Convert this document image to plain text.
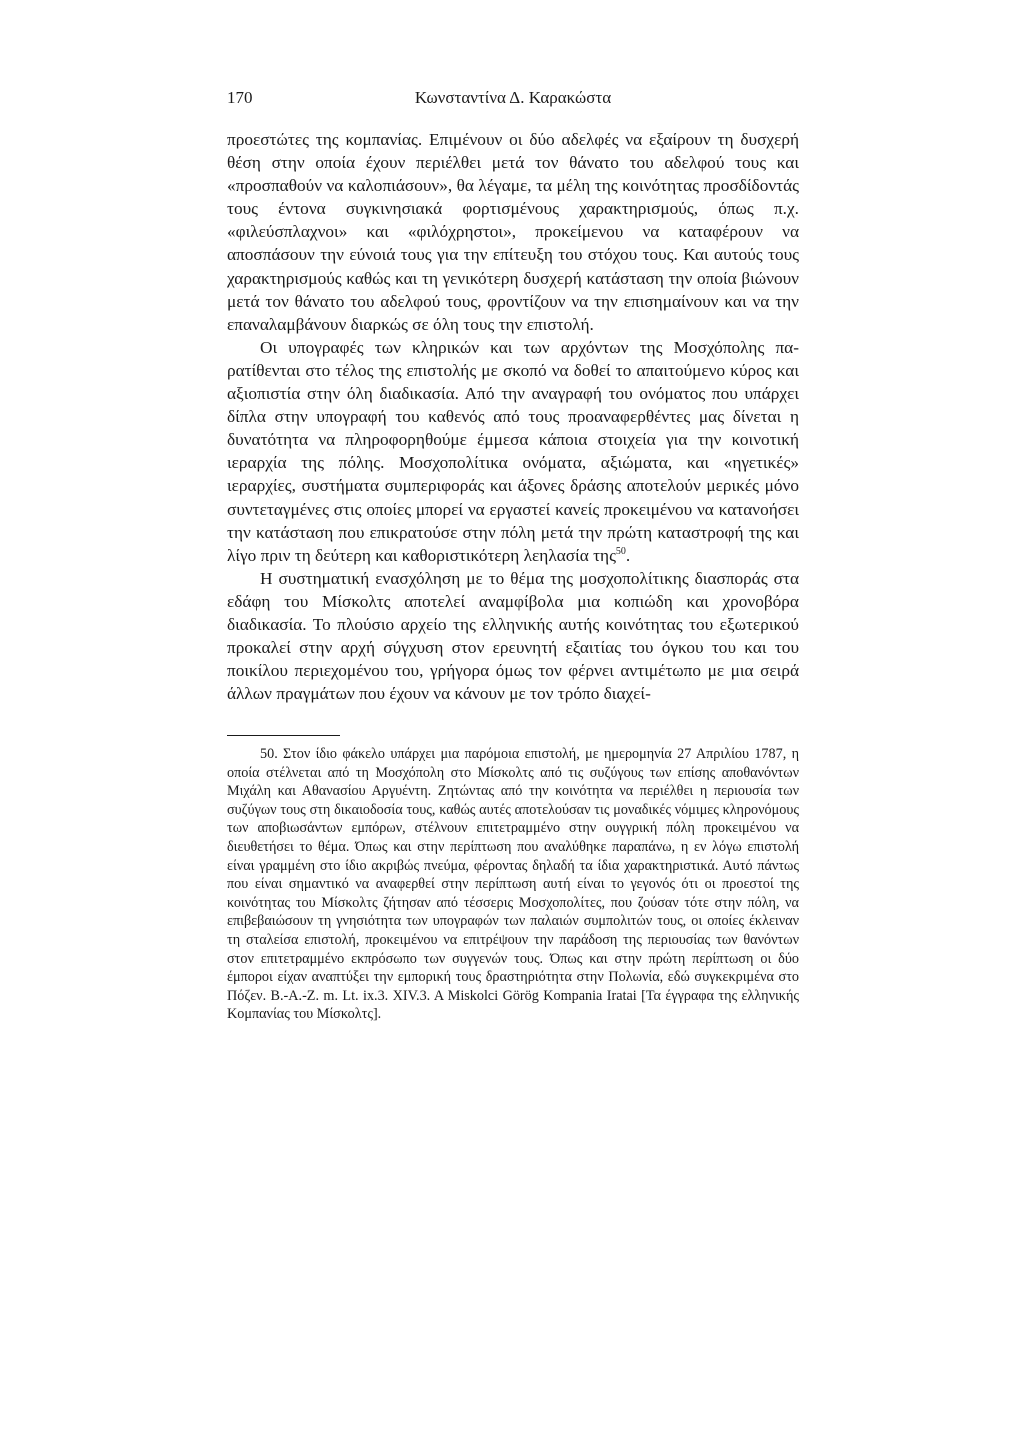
170	Κωνσταντίνα Δ. Καρακώστα

προεστώτες της κομπανίας. Επιμένουν οι δύο αδελφές να εξαίρουν τη δυσχερή θέση στην οποία έχουν περιέλθει μετά τον θάνατο του αδελφού τους και «προσπαθούν να καλοπιάσουν», θα λέγαμε, τα μέλη της κοινότητας προσδίδοντάς τους έντονα συγκινησιακά φορτισμένους χαρακτηρισμούς, όπως π.χ. «φιλεύσπλαχνοι» και «φιλόχρηστοι», προκείμενου να καταφέρουν να αποσπάσουν την εύνοιά τους για την επίτευξη του στόχου τους. Και αυτούς τους χαρακτηρισμούς καθώς και τη γενικότερη δυσχερή κατάσταση την οποία βιώνουν μετά τον θάνατο του αδελφού τους, φροντίζουν να την επισημαίνουν και να την επαναλαμβάνουν διαρκώς σε όλη τους την επιστολή.

Οι υπογραφές των κληρικών και των αρχόντων της Μοσχόπολης παρατίθενται στο τέλος της επιστολής με σκοπό να δοθεί το απαιτούμενο κύρος και αξιοπιστία στην όλη διαδικασία. Από την αναγραφή του ονόματος που υπάρχει δίπλα στην υπογραφή του καθενός από τους προαναφερθέντες μας δίνεται η δυνατότητα να πληροφορηθούμε έμμεσα κάποια στοιχεία για την κοινοτική ιεραρχία της πόλης. Μοσχοπολίτικα ονόματα, αξιώματα, και «ηγετικές» ιεραρχίες, συστήματα συμπεριφοράς και άξονες δράσης αποτελούν μερικές μόνο συντεταγμένες στις οποίες μπορεί να εργαστεί κανείς προκειμένου να κατανοήσει την κατάσταση που επικρατούσε στην πόλη μετά την πρώτη καταστροφή της και λίγο πριν τη δεύτερη και καθοριστικότερη λεηλασία της$^{50}$.

Η συστηματική ενασχόληση με το θέμα της μοσχοπολίτικης διασποράς στα εδάφη του Μίσκολτς αποτελεί αναμφίβολα μια κοπιώδη και χρονοβόρα διαδικασία. Το πλούσιο αρχείο της ελληνικής αυτής κοινότητας του εξωτερικού προκαλεί στην αρχή σύγχυση στον ερευνητή εξαιτίας του όγκου του και του ποικίλου περιεχομένου του, γρήγορα όμως τον φέρνει αντιμέτωπο με μια σειρά άλλων πραγμάτων που έχουν να κάνουν με τον τρόπο διαχεί-

50. Στον ίδιο φάκελο υπάρχει μια παρόμοια επιστολή, με ημερομηνία 27 Απριλίου 1787, η οποία στέλνεται από τη Μοσχόπολη στο Μίσκολτς από τις συζύγους των επίσης αποθανόντων Μιχάλη και Αθανασίου Αργυέντη. Ζητώντας από την κοινότητα να περιέλθει η περιουσία των συζύγων τους στη δικαιοδοσία τους, καθώς αυτές αποτελούσαν τις μοναδικές νόμιμες κληρονόμους των αποβιωσάντων εμπόρων, στέλνουν επιτετραμμένο στην ουγγρική πόλη προκειμένου να διευθετήσει το θέμα. Όπως και στην περίπτωση που αναλύθηκε παραπάνω, η εν λόγω επιστολή είναι γραμμένη στο ίδιο ακριβώς πνεύμα, φέροντας δηλαδή τα ίδια χαρακτηριστικά. Αυτό πάντως που είναι σημαντικό να αναφερθεί στην περίπτωση αυτή είναι το γεγονός ότι οι προεστοί της κοινότητας του Μίσκολτς ζήτησαν από τέσσερις Μοσχοπολίτες, που ζούσαν τότε στην πόλη, να επιβεβαιώσουν τη γνησιότητα των υπογραφών των παλαιών συμπολιτών τους, οι οποίες έκλειναν τη σταλείσα επιστολή, προκειμένου να επιτρέψουν την παράδοση της περιουσίας των θανόντων στον επιτετραμμένο εκπρόσωπο των συγγενών τους. Όπως και στην πρώτη περίπτωση οι δύο έμποροι είχαν αναπτύξει την εμπορική τους δραστηριότητα στην Πολωνία, εδώ συγκεκριμένα στο Πόζεν. B.-A.-Z. m. Lt. ix.3. XIV.3. A Miskolci Görög Kompania Iratai [Τα έγγραφα της ελληνικής Κομπανίας του Μίσκολτς].
